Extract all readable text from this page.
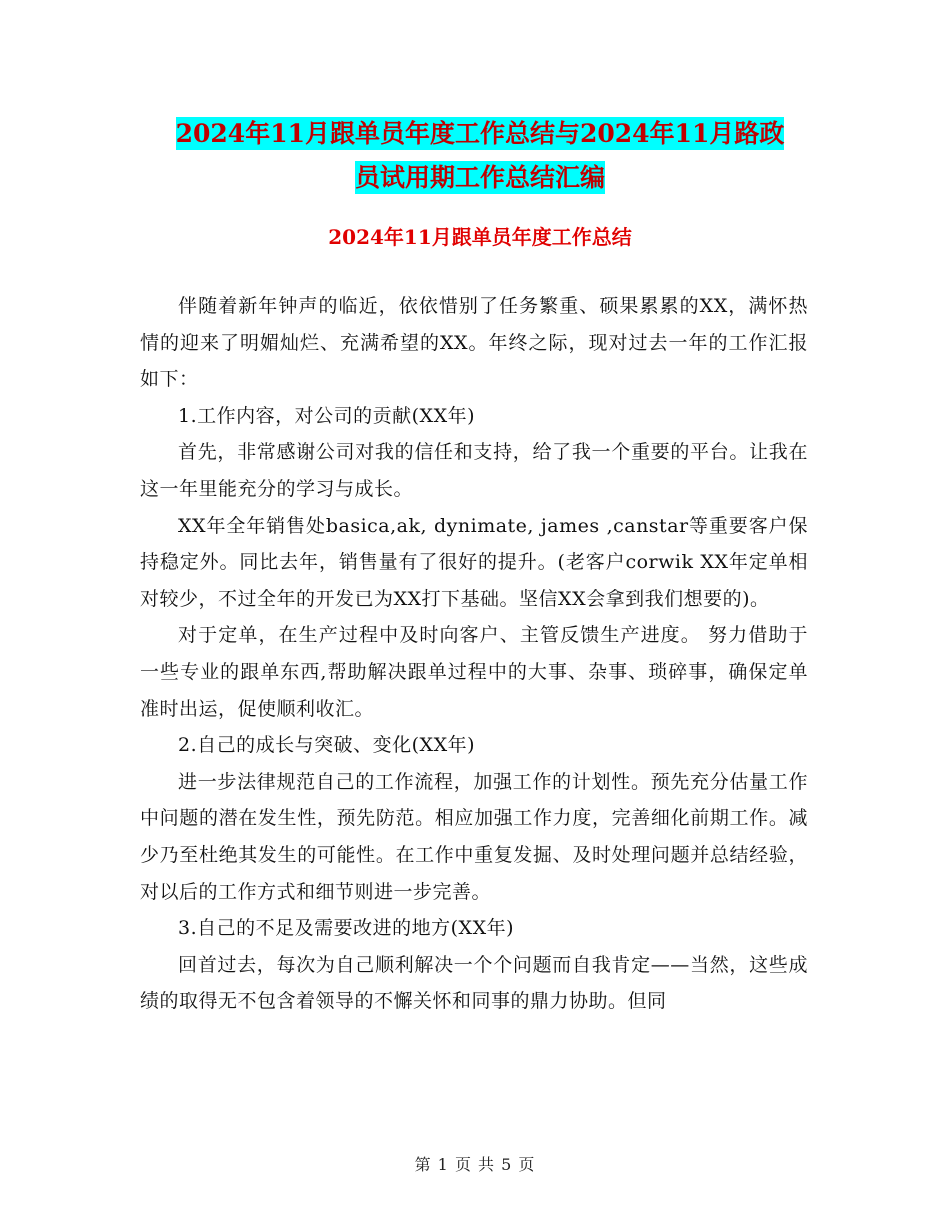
2024年11月跟单员年度工作总结与2024年11月路政
员试用期工作总结汇编
2024年11月跟单员年度工作总结

伴随着新年钟声的临近，依依惜别了任务繁重、硕果累累的XX，满怀热情的迎来了明媚灿烂、充满希望的XX。年终之际，现对过去一年的工作汇报如下：

1.工作内容，对公司的贡献(XX年)

首先，非常感谢公司对我的信任和支持，给了我一个重要的平台。让我在这一年里能充分的学习与成长。

XX年全年销售处basica,ak, dynimate, james ,canstar等重要客户保持稳定外。同比去年，销售量有了很好的提升。(老客户corwik XX年定单相对较少，不过全年的开发已为XX打下基础。坚信XX会拿到我们想要的)。

对于定单，在生产过程中及时向客户、主管反馈生产进度。 努力借助于一些专业的跟单东西,帮助解决跟单过程中的大事、杂事、琐碎事，确保定单准时出运，促使顺利收汇。

2.自己的成长与突破、变化(XX年)

进一步法律规范自己的工作流程，加强工作的计划性。预先充分估量工作中问题的潜在发生性，预先防范。相应加强工作力度，完善细化前期工作。减少乃至杜绝其发生的可能性。在工作中重复发掘、及时处理问题并总结经验，对以后的工作方式和细节则进一步完善。

3.自己的不足及需要改进的地方(XX年)

回首过去，每次为自己顺利解决一个个问题而自我肯定——当然，这些成绩的取得无不包含着领导的不懈关怀和同事的鼎力协助。但同

第 1 页 共 5 页
